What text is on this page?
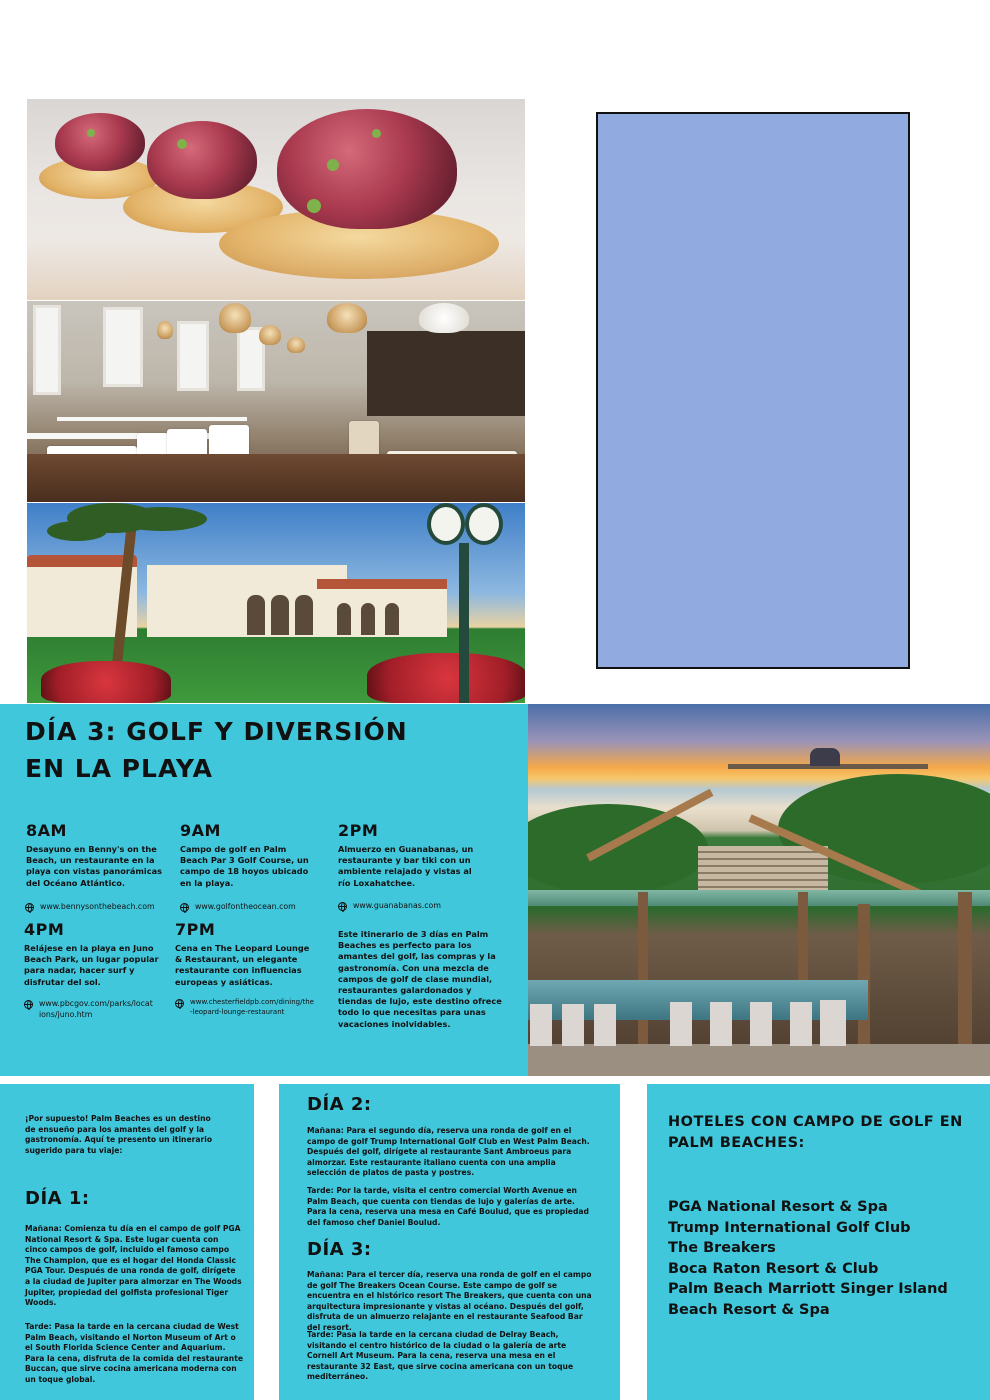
DÍA 3: GOLF Y DIVERSIÓN
EN LA PLAYA
8AM
Desayuno en Benny's on the Beach, un restaurante en la playa con vistas panorámicas del Océano Atlántico.
www.bennysonthebeach.com
9AM
Campo de golf en Palm Beach Par 3 Golf Course, un campo de 18 hoyos ubicado en la playa.
www.golfontheocean.com
2PM
Almuerzo en Guanabanas, un restaurante y bar tiki con un ambiente relajado y vistas al río Loxahatchee.
www.guanabanas.com
4PM
Relájese en la playa en Juno Beach Park, un lugar popular para nadar, hacer surf y disfrutar del sol.
www.pbcgov.com/parks/locations/juno.htm
7PM
Cena en The Leopard Lounge & Restaurant, un elegante restaurante con influencias europeas y asiáticas.
www.chesterfieldpb.com/dining/the-leopard-lounge-restaurant
Este itinerario de 3 días en Palm Beaches es perfecto para los amantes del golf, las compras y la gastronomía. Con una mezcla de campos de golf de clase mundial, restaurantes galardonados y tiendas de lujo, este destino ofrece todo lo que necesitas para unas vacaciones inolvidables.
¡Por supuesto! Palm Beaches es un destino de ensueño para los amantes del golf y la gastronomía. Aquí te presento un itinerario sugerido para tu viaje:
DÍA 1:
Mañana: Comienza tu día en el campo de golf PGA National Resort & Spa. Este lugar cuenta con cinco campos de golf, incluido el famoso campo The Champion, que es el hogar del Honda Classic PGA Tour. Después de una ronda de golf, dirígete a la ciudad de Jupiter para almorzar en The Woods Jupiter, propiedad del golfista profesional Tiger Woods.
Tarde: Pasa la tarde en la cercana ciudad de West Palm Beach, visitando el Norton Museum of Art o el South Florida Science Center and Aquarium. Para la cena, disfruta de la comida del restaurante Buccan, que sirve cocina americana moderna con un toque global.
DÍA 2:
Mañana: Para el segundo día, reserva una ronda de golf en el campo de golf Trump International Golf Club en West Palm Beach. Después del golf, dirígete al restaurante Sant Ambroeus para almorzar. Este restaurante italiano cuenta con una amplia selección de platos de pasta y postres.
Tarde: Por la tarde, visita el centro comercial Worth Avenue en Palm Beach, que cuenta con tiendas de lujo y galerías de arte. Para la cena, reserva una mesa en Café Boulud, que es propiedad del famoso chef Daniel Boulud.
DÍA 3:
Mañana: Para el tercer día, reserva una ronda de golf en el campo de golf The Breakers Ocean Course. Este campo de golf se encuentra en el histórico resort The Breakers, que cuenta con una arquitectura impresionante y vistas al océano. Después del golf, disfruta de un almuerzo relajante en el restaurante Seafood Bar del resort.
Tarde: Pasa la tarde en la cercana ciudad de Delray Beach, visitando el centro histórico de la ciudad o la galería de arte Cornell Art Museum. Para la cena, reserva una mesa en el restaurante 32 East, que sirve cocina americana con un toque mediterráneo.
HOTELES CON CAMPO DE GOLF EN PALM BEACHES:
PGA National Resort & Spa
Trump International Golf Club
The Breakers
Boca Raton Resort & Club
Palm Beach Marriott Singer Island
Beach Resort & Spa
